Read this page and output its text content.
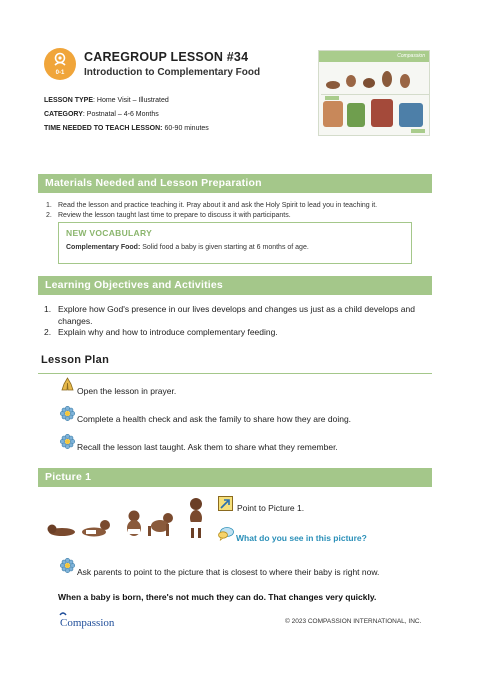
0-1
CAREGROUP LESSON #34
Introduction to Complementary Food
LESSON TYPE: Home Visit – Illustrated
CATEGORY: Postnatal – 4-6 Months
TIME NEEDED TO TEACH LESSON: 60-90 minutes
Compassion
Materials Needed and Lesson Preparation
1. Read the lesson and practice teaching it. Pray about it and ask the Holy Spirit to lead you in teaching it.
2. Review the lesson taught last time to prepare to discuss it with participants.
NEW VOCABULARY
Complementary Food: Solid food a baby is given starting at 6 months of age.
Learning Objectives and Activities
1. Explore how God's presence in our lives develops and changes us just as a child develops and changes.
2. Explain why and how to introduce complementary feeding.
Lesson Plan
Open the lesson in prayer.
Complete a health check and ask the family to share how they are doing.
Recall the lesson last taught. Ask them to share what they remember.
Picture 1
Point to Picture 1.
What do you see in this picture?
Ask parents to point to the picture that is closest to where their baby is right now.
When a baby is born, there's not much they can do. That changes very quickly.
Compassion	© 2023 COMPASSION INTERNATIONAL, INC.
